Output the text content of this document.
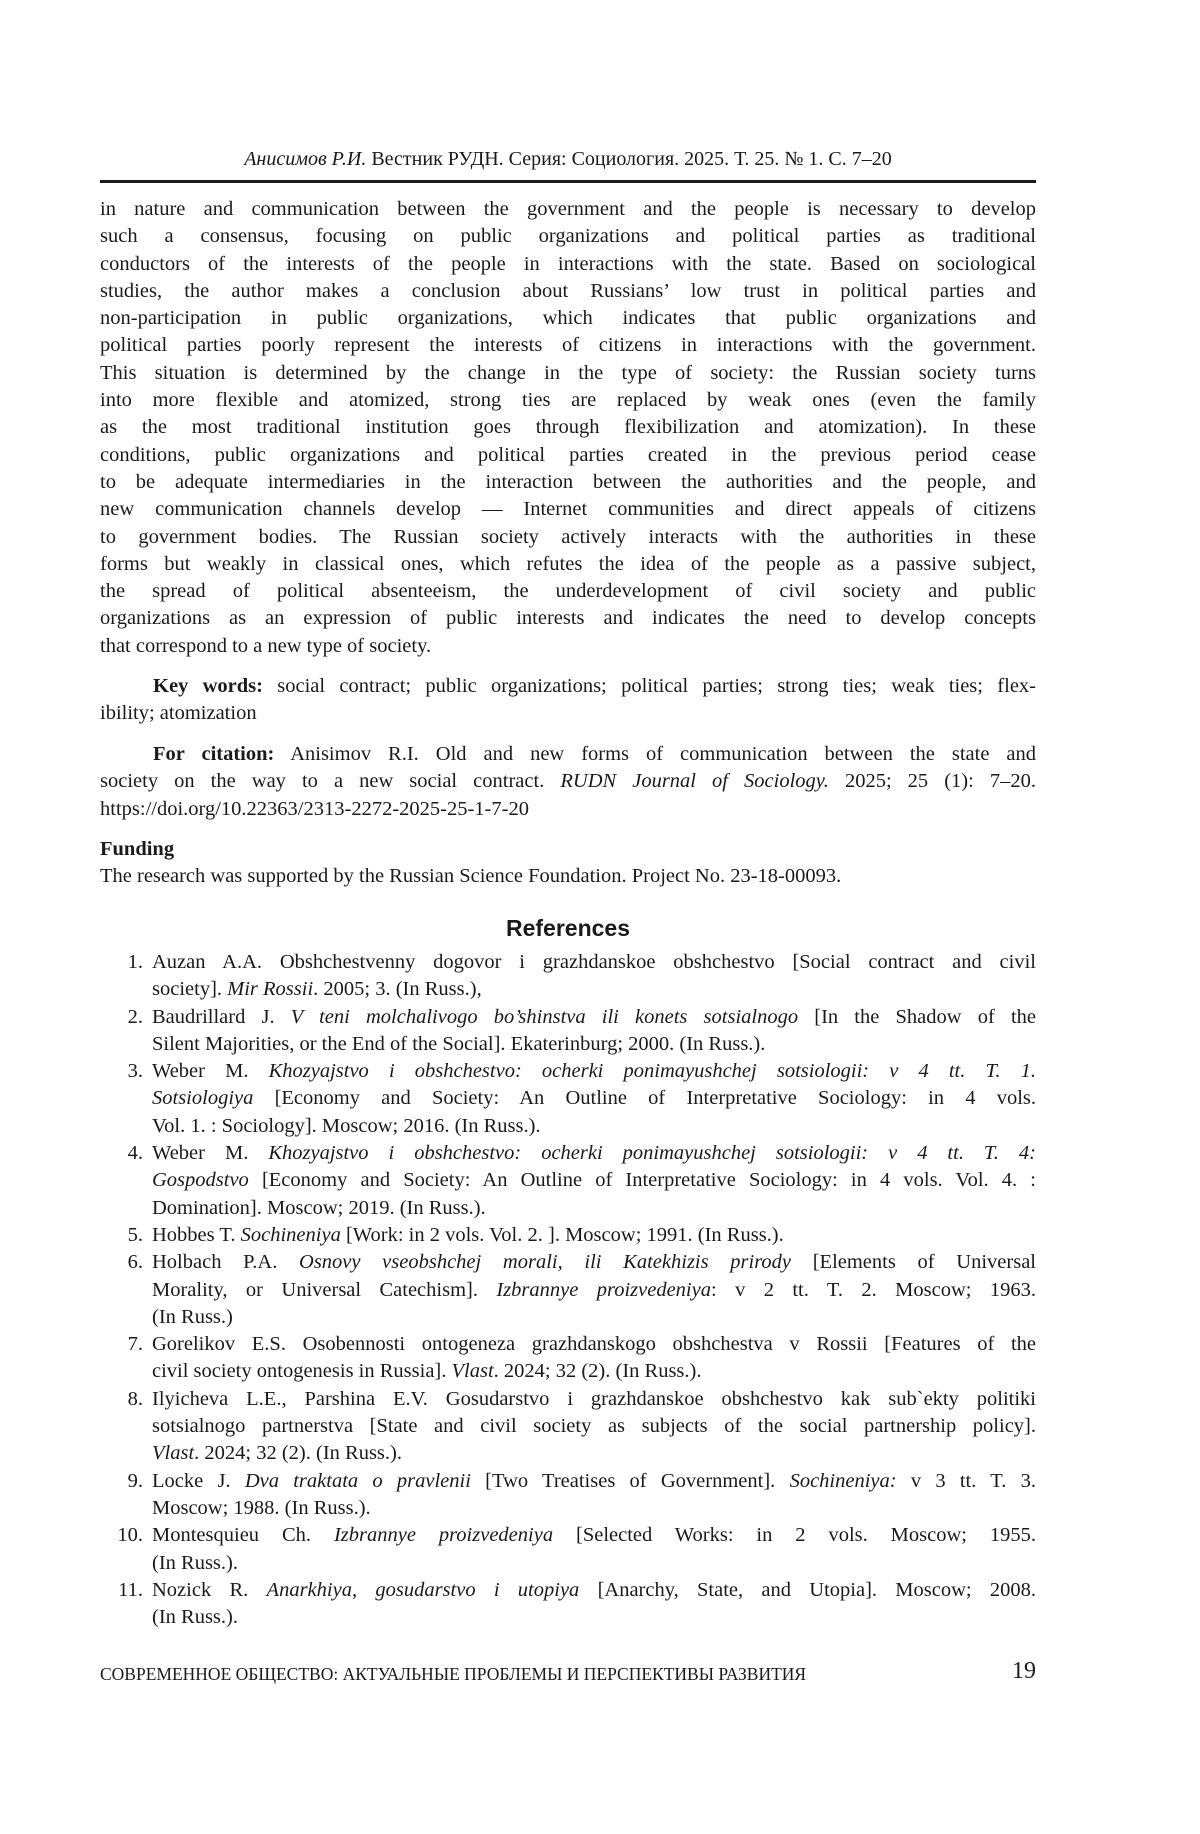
Анисимов Р.И. Вестник РУДН. Серия: Социология. 2025. Т. 25. № 1. С. 7–20
in nature and communication between the government and the people is necessary to develop
such a consensus, focusing on public organizations and political parties as traditional
conductors of the interests of the people in interactions with the state. Based on sociological
studies, the author makes a conclusion about Russians’ low trust in political parties and
non-participation in public organizations, which indicates that public organizations and
political parties poorly represent the interests of citizens in interactions with the government.
This situation is determined by the change in the type of society: the Russian society turns
into more flexible and atomized, strong ties are replaced by weak ones (even the family
as the most traditional institution goes through flexibilization and atomization). In these
conditions, public organizations and political parties created in the previous period cease
to be adequate intermediaries in the interaction between the authorities and the people, and
new communication channels develop — Internet communities and direct appeals of citizens
to government bodies. The Russian society actively interacts with the authorities in these
forms but weakly in classical ones, which refutes the idea of the people as a passive subject,
the spread of political absenteeism, the underdevelopment of civil society and public
organizations as an expression of public interests and indicates the need to develop concepts
that correspond to a new type of society.
Key words: social contract; public organizations; political parties; strong ties; weak ties; flex-
ibility; atomization
For citation: Anisimov R.I. Old and new forms of communication between the state and
society on the way to a new social contract. RUDN Journal of Sociology. 2025; 25 (1): 7–20.
https://doi.org/10.22363/2313-2272-2025-25-1-7-20
Funding
The research was supported by the Russian Science Foundation. Project No. 23-18-00093.
References
1. Auzan A.A. Obshchestvenny dogovor i grazhdanskoe obshchestvo [Social contract and civil
society]. Mir Rossii. 2005; 3. (In Russ.),
2. Baudrillard J. V teni molchalivogo bo’shinstva ili konets sotsialnogo [In the Shadow of the
Silent Majorities, or the End of the Social]. Ekaterinburg; 2000. (In Russ.).
3. Weber M. Khozyajstvo i obshchestvo: ocherki ponimayushchej sotsiologii: v 4 tt. T. 1.
Sotsiologiya [Economy and Society: An Outline of Interpretative Sociology: in 4 vols.
Vol. 1. : Sociology]. Moscow; 2016. (In Russ.).
4. Weber M. Khozyajstvo i obshchestvo: ocherki ponimayushchej sotsiologii: v 4 tt. T. 4:
Gospodstvo [Economy and Society: An Outline of Interpretative Sociology: in 4 vols. Vol. 4. :
Domination]. Moscow; 2019. (In Russ.).
5. Hobbes T. Sochineniya [Work: in 2 vols. Vol. 2. ]. Moscow; 1991. (In Russ.).
6. Holbach P.A. Osnovy vseobshchej morali, ili Katekhizis prirody [Elements of Universal
Morality, or Universal Catechism]. Izbrannye proizvedeniya: v 2 tt. T. 2. Moscow; 1963.
(In Russ.)
7. Gorelikov E.S. Osobennosti ontogeneza grazhdanskogo obshchestva v Rossii [Features of the
civil society ontogenesis in Russia]. Vlast. 2024; 32 (2). (In Russ.).
8. Ilyicheva L.E., Parshina E.V. Gosudarstvo i grazhdanskoe obshchestvo kak sub`ekty politiki
sotsialnogo partnerstva [State and civil society as subjects of the social partnership policy].
Vlast. 2024; 32 (2). (In Russ.).
9. Locke J. Dva traktata o pravlenii [Two Treatises of Government]. Sochineniya: v 3 tt. T. 3.
Moscow; 1988. (In Russ.).
10. Montesquieu Ch. Izbrannye proizvedeniya [Selected Works: in 2 vols. Moscow; 1955.
(In Russ.).
11. Nozick R. Anarkhiya, gosudarstvo i utopiya [Anarchy, State, and Utopia]. Moscow; 2008.
(In Russ.).
СОВРЕМЕННОЕ ОБЩЕСТВО: АКТУАЛЬНЫЕ ПРОБЛЕМЫ И ПЕРСПЕКТИВЫ РАЗВИТИЯ	19
